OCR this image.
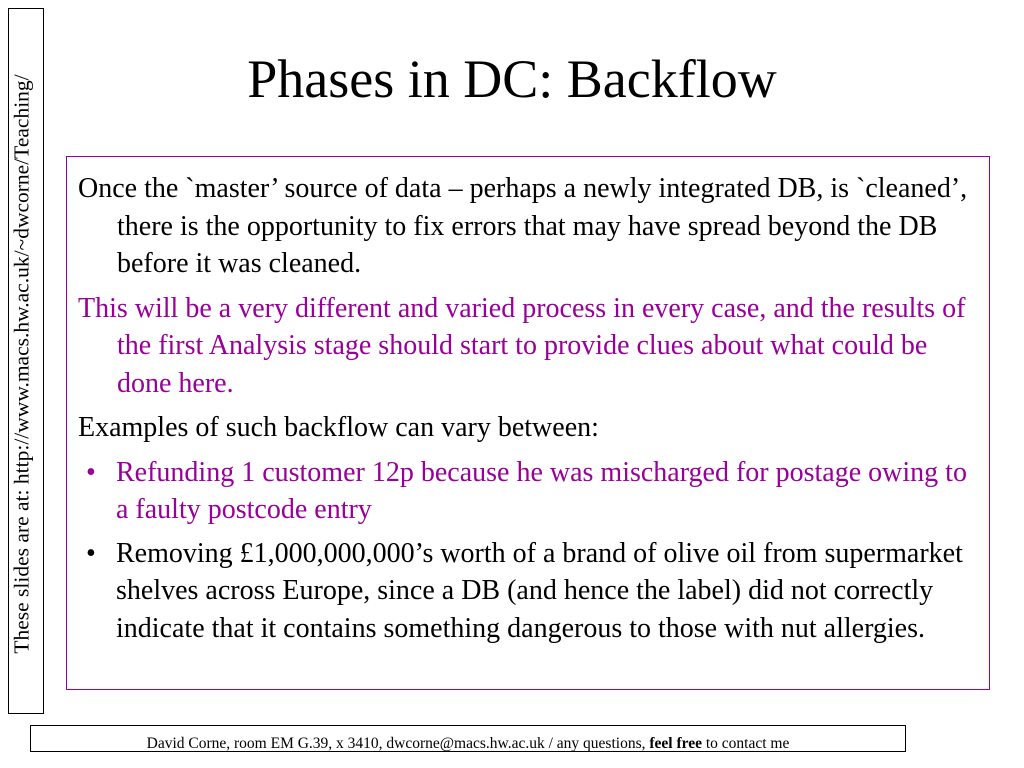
These slides are at: http://www.macs.hw.ac.uk/~dwcorne/Teaching/	Phases in DC: Backflow

Once the `master’ source of data – perhaps a newly integrated DB, is `cleaned’, there is the opportunity to fix errors that may have spread beyond the DB before it was cleaned.

This will be a very different and varied process in every case, and the results of the first Analysis stage should start to provide clues about what could be done here.

Examples of such backflow can vary between:

• Refunding 1 customer 12p because he was mischarged for postage owing to a faulty postcode entry
• Removing £1,000,000,000’s worth of a brand of olive oil from supermarket shelves across Europe, since a DB (and hence the label) did not correctly indicate that it contains something dangerous to those with nut allergies.
David Corne, room EM G.39, x 3410, dwcorne@macs.hw.ac.uk / any questions, feel free to contact me
